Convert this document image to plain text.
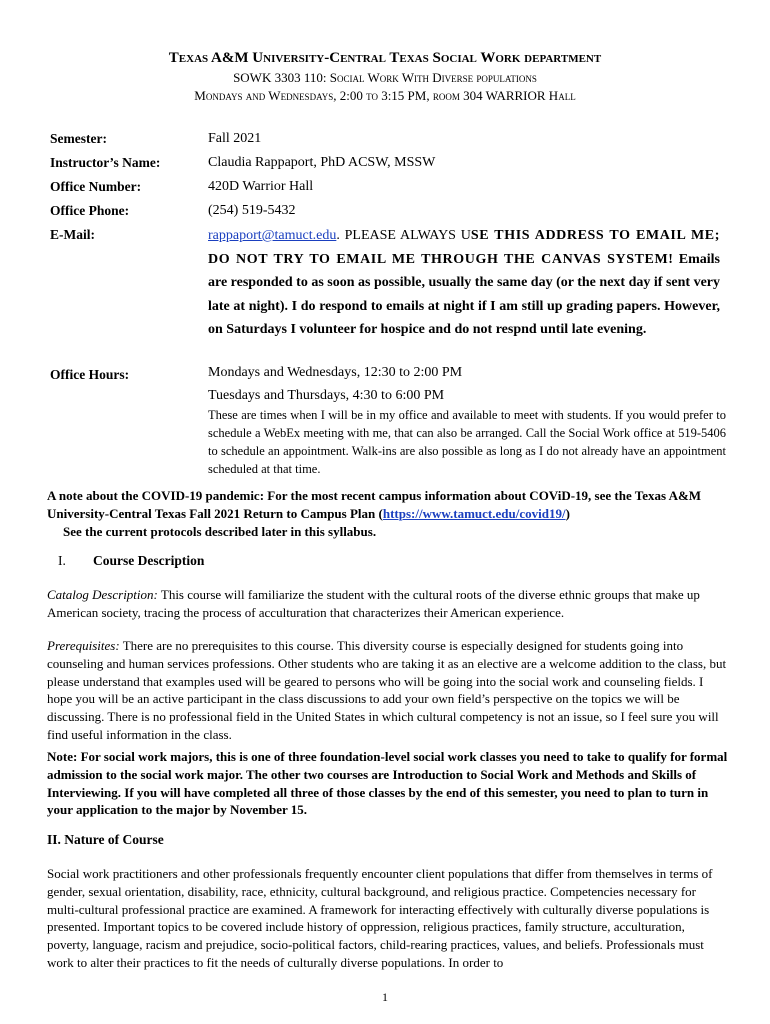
Texas A&M University-Central Texas Social Work department
SOWK 3303 110: Social Work With Diverse populations
Mondays and Wednesdays, 2:00 to 3:15 PM, room 304 WARRIOR Hall
Semester:	Fall 2021
Instructor’s Name:	Claudia Rappaport, PhD ACSW, MSSW
Office Number:	420D Warrior Hall
Office Phone:	(254) 519-5432
E-Mail:	rappaport@tamuct.edu. PLEASE ALWAYS USE THIS ADDRESS TO EMAIL ME; DO NOT TRY TO EMAIL ME THROUGH THE CANVAS SYSTEM! Emails are responded to as soon as possible, usually the same day (or the next day if sent very late at night). I do respond to emails at night if I am still up grading papers. However, on Saturdays I volunteer for hospice and do not respnd until late evening.
Office Hours:	Mondays and Wednesdays, 12:30 to 2:00 PM
Tuesdays and Thursdays, 4:30 to 6:00 PM
These are times when I will be in my office and available to meet with students. If you would prefer to schedule a WebEx meeting with me, that can also be arranged. Call the Social Work office at 519-5406 to schedule an appointment. Walk-ins are also possible as long as I do not already have an appointment scheduled at that time.
A note about the COVID-19 pandemic: For the most recent campus information about COViD-19, see the Texas A&M University-Central Texas Fall 2021 Return to Campus Plan (https://www.tamuct.edu/covid19/)
See the current protocols described later in this syllabus.
I. Course Description
Catalog Description: This course will familiarize the student with the cultural roots of the diverse ethnic groups that make up American society, tracing the process of acculturation that characterizes their American experience.
Prerequisites: There are no prerequisites to this course. This diversity course is especially designed for students going into counseling and human services professions. Other students who are taking it as an elective are a welcome addition to the class, but please understand that examples used will be geared to persons who will be going into the social work and counseling fields. I hope you will be an active participant in the class discussions to add your own field’s perspective on the topics we will be discussing. There is no professional field in the United States in which cultural competency is not an issue, so I feel sure you will find useful information in the class.
Note: For social work majors, this is one of three foundation-level social work classes you need to take to qualify for formal admission to the social work major. The other two courses are Introduction to Social Work and Methods and Skills of Interviewing. If you will have completed all three of those classes by the end of this semester, you need to plan to turn in your application to the major by November 15.
II. Nature of Course
Social work practitioners and other professionals frequently encounter client populations that differ from themselves in terms of gender, sexual orientation, disability, race, ethnicity, cultural background, and religious practice. Competencies necessary for multi-cultural professional practice are examined. A framework for interacting effectively with culturally diverse populations is presented. Important topics to be covered include history of oppression, religious practices, family structure, acculturation, poverty, language, racism and prejudice, socio-political factors, child-rearing practices, values, and beliefs. Professionals must work to alter their practices to fit the needs of culturally diverse populations. In order to
1
